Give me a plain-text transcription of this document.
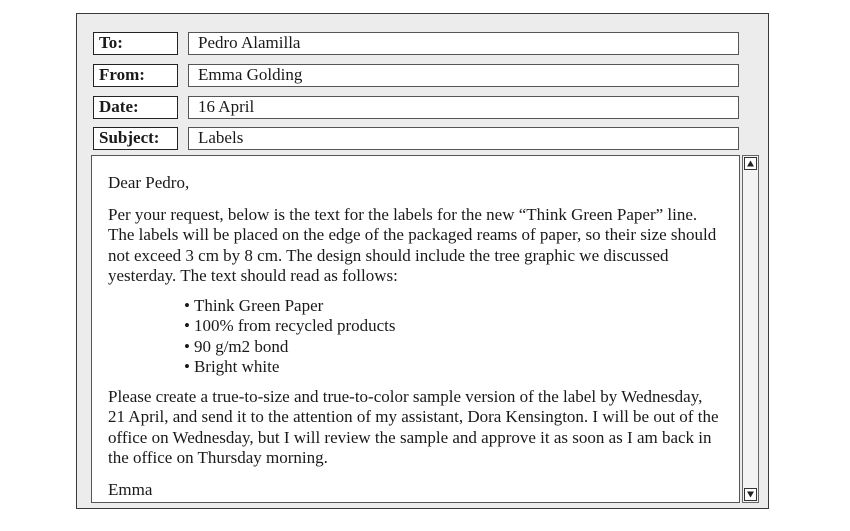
To:	Pedro Alamilla
From:	Emma Golding
Date:	16 April
Subject:	Labels

Dear Pedro,

Per your request, below is the text for the labels for the new “Think Green Paper” line. The labels will be placed on the edge of the packaged reams of paper, so their size should not exceed 3 cm by 8 cm. The design should include the tree graphic we discussed yesterday. The text should read as follows:

• Think Green Paper
• 100% from recycled products
• 90 g/m2 bond
• Bright white

Please create a true-to-size and true-to-color sample version of the label by Wednesday, 21 April, and send it to the attention of my assistant, Dora Kensington. I will be out of the office on Wednesday, but I will review the sample and approve it as soon as I am back in the office on Thursday morning.

Emma
